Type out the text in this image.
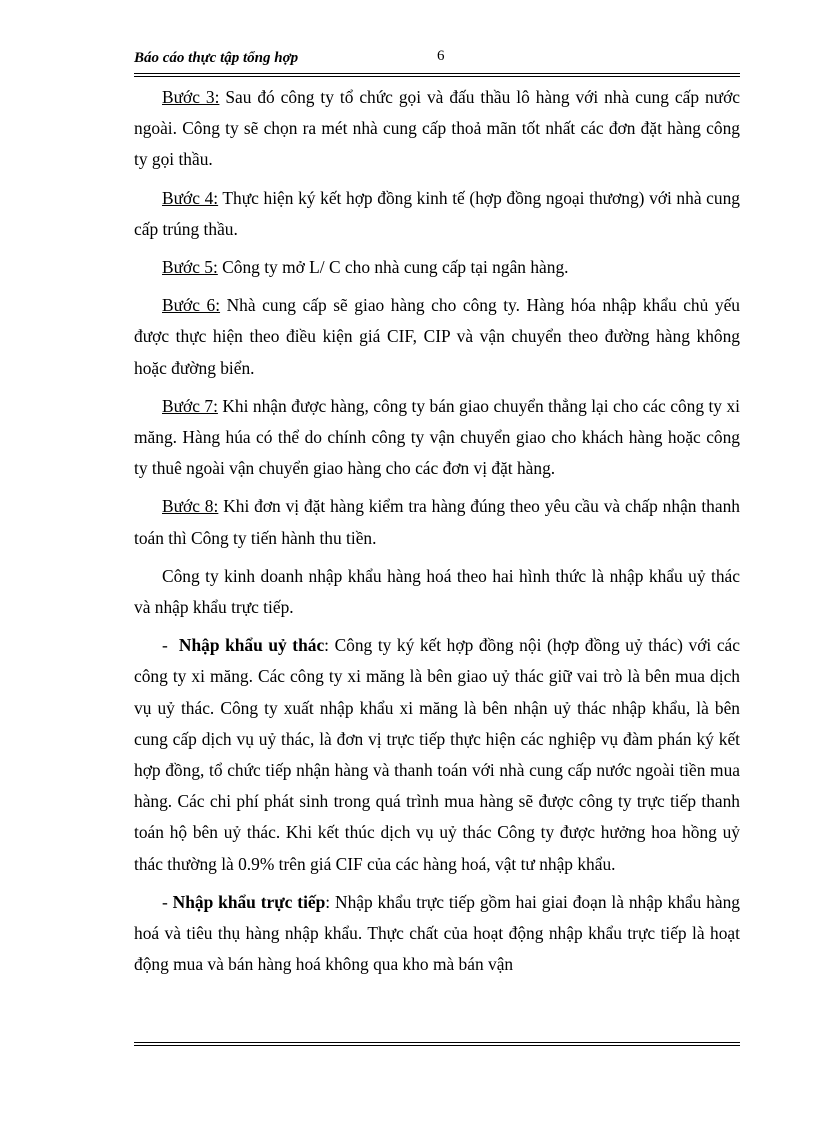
Báo cáo thực tập tổng hợp	6

Bước 3: Sau đó công ty tổ chức gọi và đấu thầu lô hàng với nhà cung cấp nước ngoài. Công ty sẽ chọn ra mét nhà cung cấp thoả mãn tốt nhất các đơn đặt hàng công ty gọi thầu.

Bước 4: Thực hiện ký kết hợp đồng kinh tế (hợp đồng ngoại thương) với nhà cung cấp trúng thầu.

Bước 5: Công ty mở L/ C cho nhà cung cấp tại ngân hàng.

Bước 6: Nhà cung cấp sẽ giao hàng cho công ty. Hàng hóa nhập khẩu chủ yếu được thực hiện theo điều kiện giá CIF, CIP và vận chuyển theo đường hàng không hoặc đường biển.

Bước 7: Khi nhận được hàng, công ty bán giao chuyển thẳng lại cho các công ty xi măng. Hàng húa có thể do chính công ty vận chuyển giao cho khách hàng hoặc công ty thuê ngoài vận chuyển giao hàng cho các đơn vị đặt hàng.

Bước 8: Khi đơn vị đặt hàng kiểm tra hàng đúng theo yêu cầu và chấp nhận thanh toán thì Công ty tiến hành thu tiền.

Công ty kinh doanh nhập khẩu hàng hoá theo hai hình thức là nhập khẩu uỷ thác và nhập khẩu trực tiếp.

-  Nhập khẩu uỷ thác: Công ty ký kết hợp đồng nội (hợp đồng uỷ thác) với các công ty xi măng. Các công ty xi măng là bên giao uỷ thác giữ vai trò là bên mua dịch vụ uỷ thác. Công ty xuất nhập khẩu xi măng là bên nhận uỷ thác nhập khẩu, là bên cung cấp dịch vụ uỷ thác, là đơn vị trực tiếp thực hiện các nghiệp vụ đàm phán ký kết hợp đồng, tổ chức tiếp nhận hàng và thanh toán với nhà cung cấp nước ngoài tiền mua hàng. Các chi phí phát sinh trong quá trình mua hàng sẽ được công ty trực tiếp thanh toán hộ bên uỷ thác. Khi kết thúc dịch vụ uỷ thác Công ty được hưởng hoa hồng uỷ thác thường là 0.9% trên giá CIF của các hàng hoá, vật tư nhập khẩu.

- Nhập khẩu trực tiếp: Nhập khẩu trực tiếp gồm hai giai đoạn là nhập khẩu hàng hoá và tiêu thụ hàng nhập khẩu. Thực chất của hoạt động nhập khẩu trực tiếp là hoạt động mua và bán hàng hoá không qua kho mà bán vận
